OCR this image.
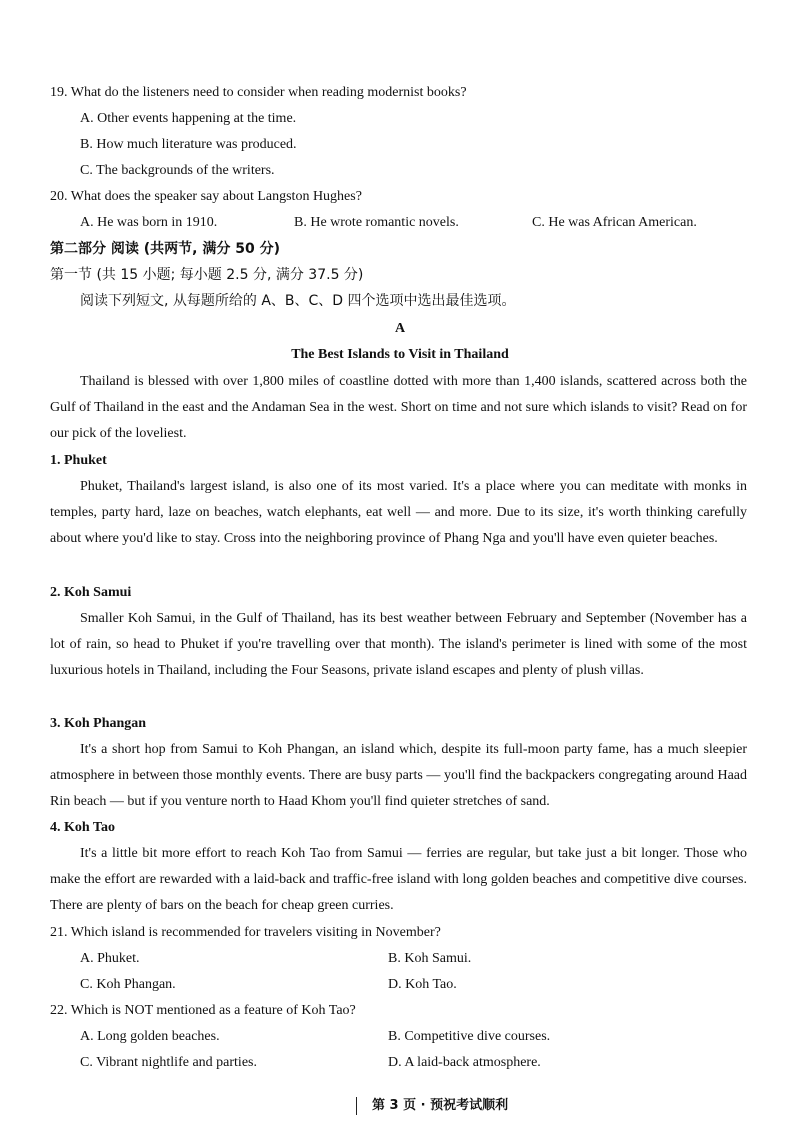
19. What do the listeners need to consider when reading modernist books?
A. Other events happening at the time.
B. How much literature was produced.
C. The backgrounds of the writers.
20. What does the speaker say about Langston Hughes?
A. He was born in 1910.	B. He wrote romantic novels.	C. He was African American.
第二部分 阅读 (共两节, 满分 50 分)
第一节 (共 15 小题; 每小题 2.5 分, 满分 37.5 分)
阅读下列短文, 从每题所给的 A、B、C、D 四个选项中选出最佳选项。
A
The Best Islands to Visit in Thailand
Thailand is blessed with over 1,800 miles of coastline dotted with more than 1,400 islands, scattered across both the Gulf of Thailand in the east and the Andaman Sea in the west. Short on time and not sure which islands to visit? Read on for our pick of the loveliest.
1. Phuket
Phuket, Thailand's largest island, is also one of its most varied. It's a place where you can meditate with monks in temples, party hard, laze on beaches, watch elephants, eat well — and more. Due to its size, it's worth thinking carefully about where you'd like to stay. Cross into the neighboring province of Phang Nga and you'll have even quieter beaches.
2. Koh Samui
Smaller Koh Samui, in the Gulf of Thailand, has its best weather between February and September (November has a lot of rain, so head to Phuket if you're travelling over that month). The island's perimeter is lined with some of the most luxurious hotels in Thailand, including the Four Seasons, private island escapes and plenty of plush villas.
3. Koh Phangan
It's a short hop from Samui to Koh Phangan, an island which, despite its full-moon party fame, has a much sleepier atmosphere in between those monthly events. There are busy parts — you'll find the backpackers congregating around Haad Rin beach — but if you venture north to Haad Khom you'll find quieter stretches of sand.
4. Koh Tao
It's a little bit more effort to reach Koh Tao from Samui — ferries are regular, but take just a bit longer. Those who make the effort are rewarded with a laid-back and traffic-free island with long golden beaches and competitive dive courses. There are plenty of bars on the beach for cheap green curries.
21. Which island is recommended for travelers visiting in November?
A. Phuket.	B. Koh Samui.
C. Koh Phangan.	D. Koh Tao.
22. Which is NOT mentioned as a feature of Koh Tao?
A. Long golden beaches.	B. Competitive dive courses.
C. Vibrant nightlife and parties.	D. A laid-back atmosphere.
第 3 页 · 预祝考试顺利
